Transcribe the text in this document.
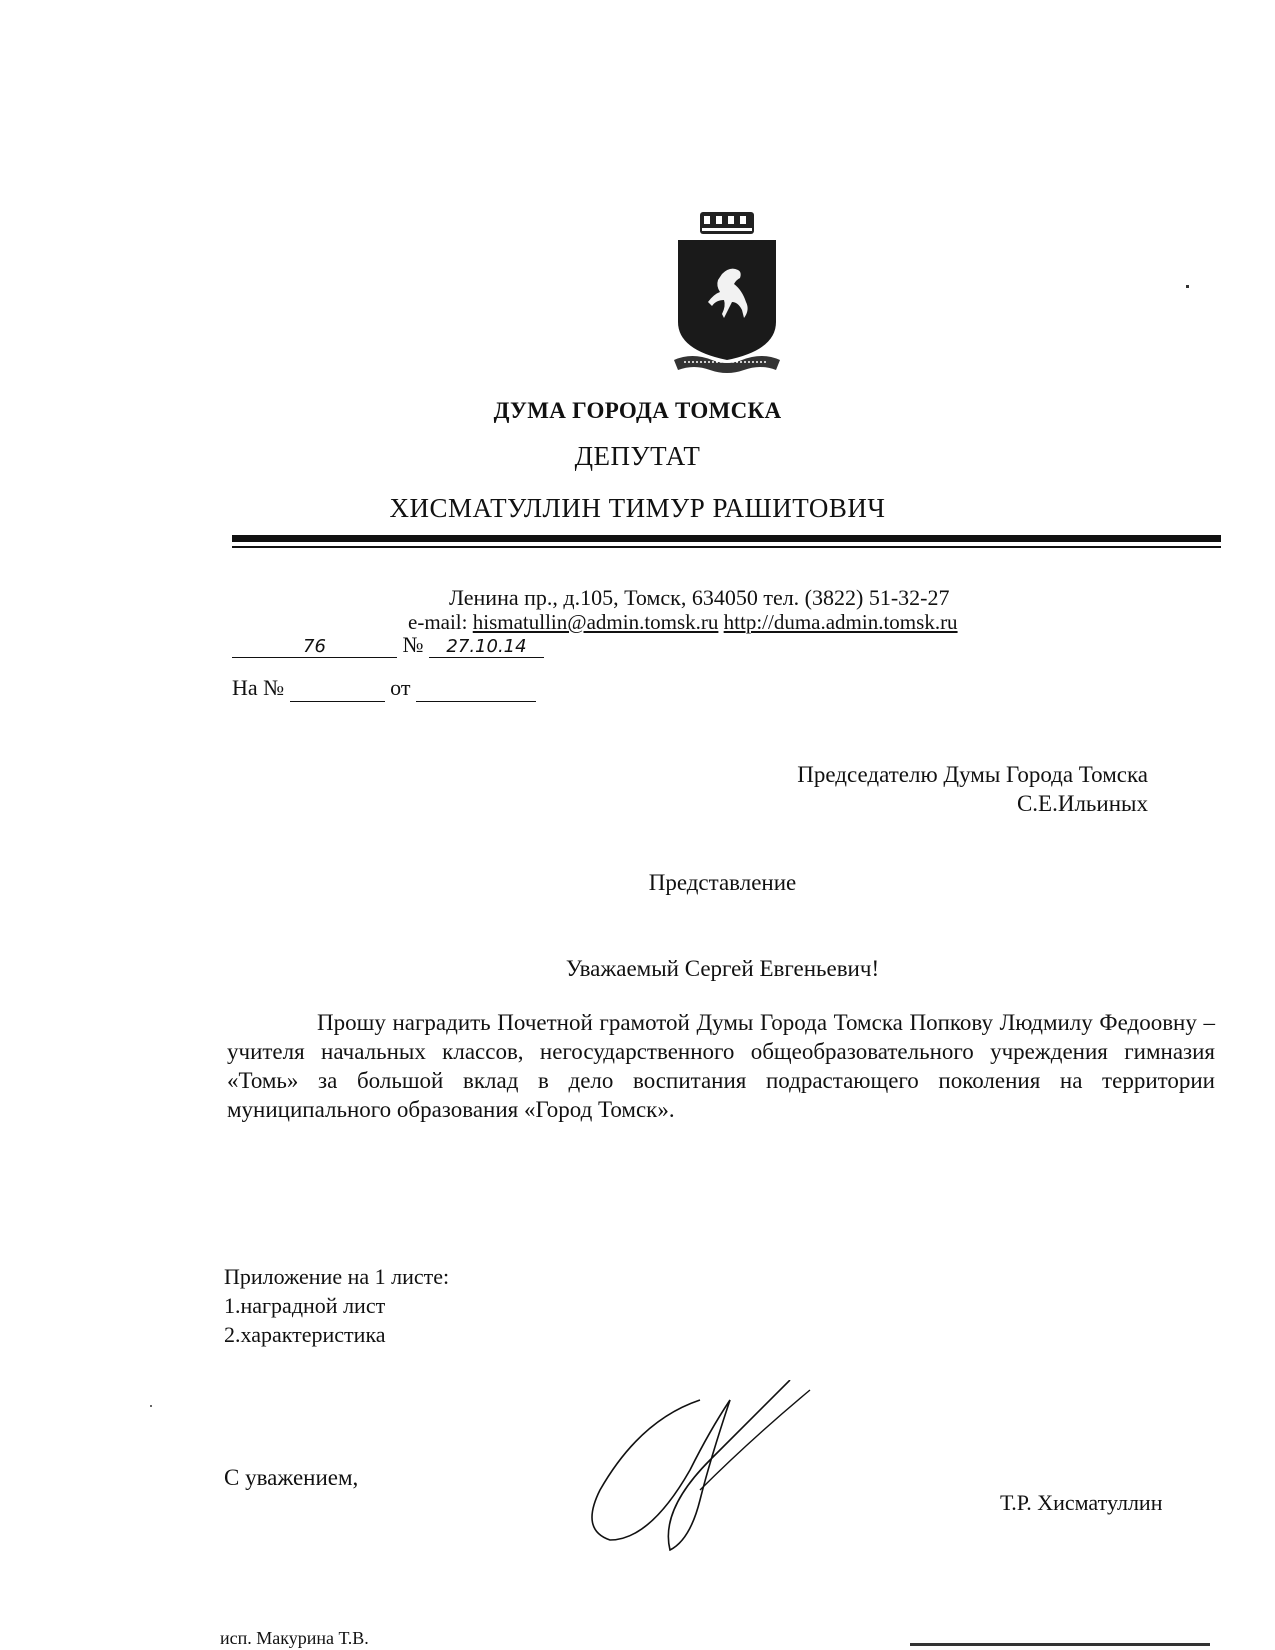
ДУМА ГОРОДА ТОМСКА
ДЕПУТАТ
ХИСМАТУЛЛИН ТИМУР РАШИТОВИЧ
Ленина пр., д.105, Томск, 634050 тел. (3822) 51-32-27
e-mail: hismatullin@admin.tomsk.ru http://duma.admin.tomsk.ru
76	№ 27.10.14
На №	от
Председателю Думы Города Томска
С.Е.Ильиных
Представление
Уважаемый Сергей Евгеньевич!
Прошу наградить Почетной грамотой Думы Города Томска Попкову Людмилу Федоовну – учителя начальных классов, негосударственного общеобразовательного учреждения гимназия «Томь» за большой вклад в дело воспитания подрастающего поколения на территории муниципального образования «Город Томск».
Приложение на 1 листе:
1.наградной лист
2.характеристика
С уважением,
Т.Р. Хисматуллин
исп. Макурина Т.В.
